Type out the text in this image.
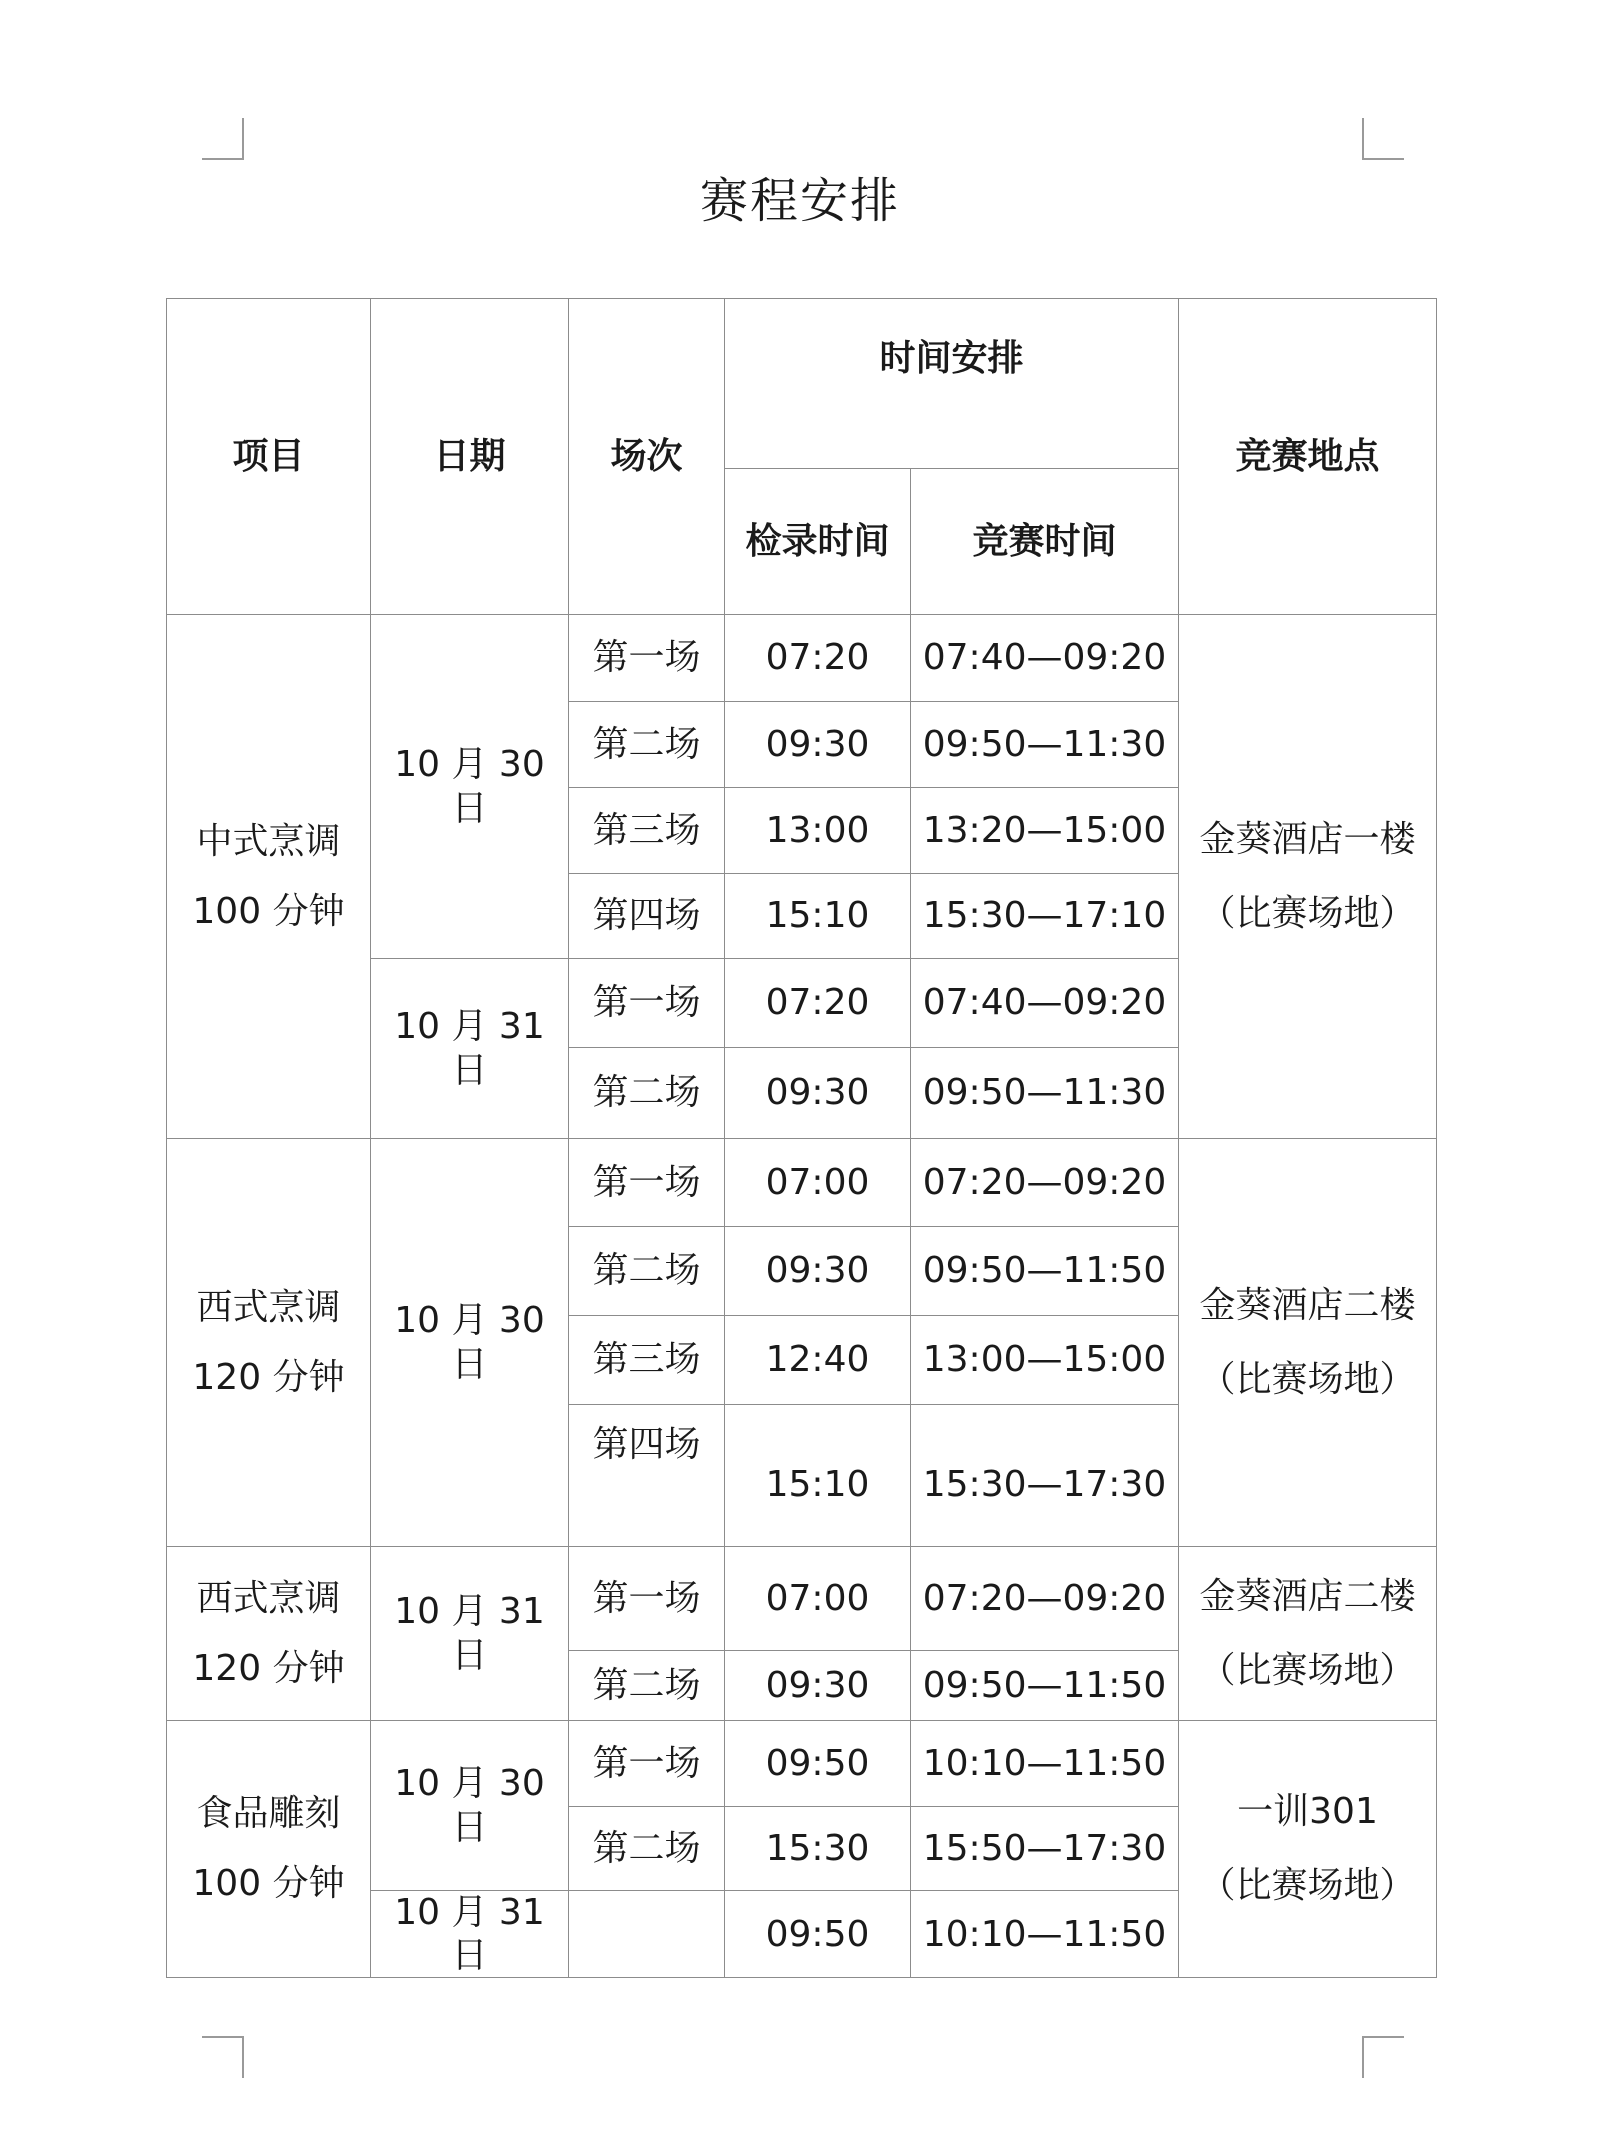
赛程安排
项目	日期	场次	时间安排		竞赛地点
			检录时间	竞赛时间	

中式烹调
100 分钟	10 月 30 日	第一场	07:20	07:40—09:20	金葵酒店一楼
（比赛场地）

		第二场	09:30	09:50—11:30	
		第三场	13:00	13:20—15:00	
		第四场	15:10	15:30—17:10	
	10 月 31 日	第一场	07:20	07:40—09:20	
		第二场	09:30	09:50—11:30	

西式烹调
120 分钟	10 月 30 日	第一场	07:00	07:20—09:20	金葵酒店二楼
（比赛场地）

		第二场	09:30	09:50—11:50	
		第三场	12:40	13:00—15:00	
		第四场	15:10	15:30—17:30	

西式烹调
120 分钟	10 月 31 日	第一场	07:00	07:20—09:20	金葵酒店二楼
（比赛场地）

		第二场	09:30	09:50—11:50	

食品雕刻
100 分钟	10 月 30 日	第一场	09:50	10:10—11:50	一训301
（比赛场地）

		第二场	15:30	15:50—17:30	
	10 月 31 日		09:50	10:10—11:50	
